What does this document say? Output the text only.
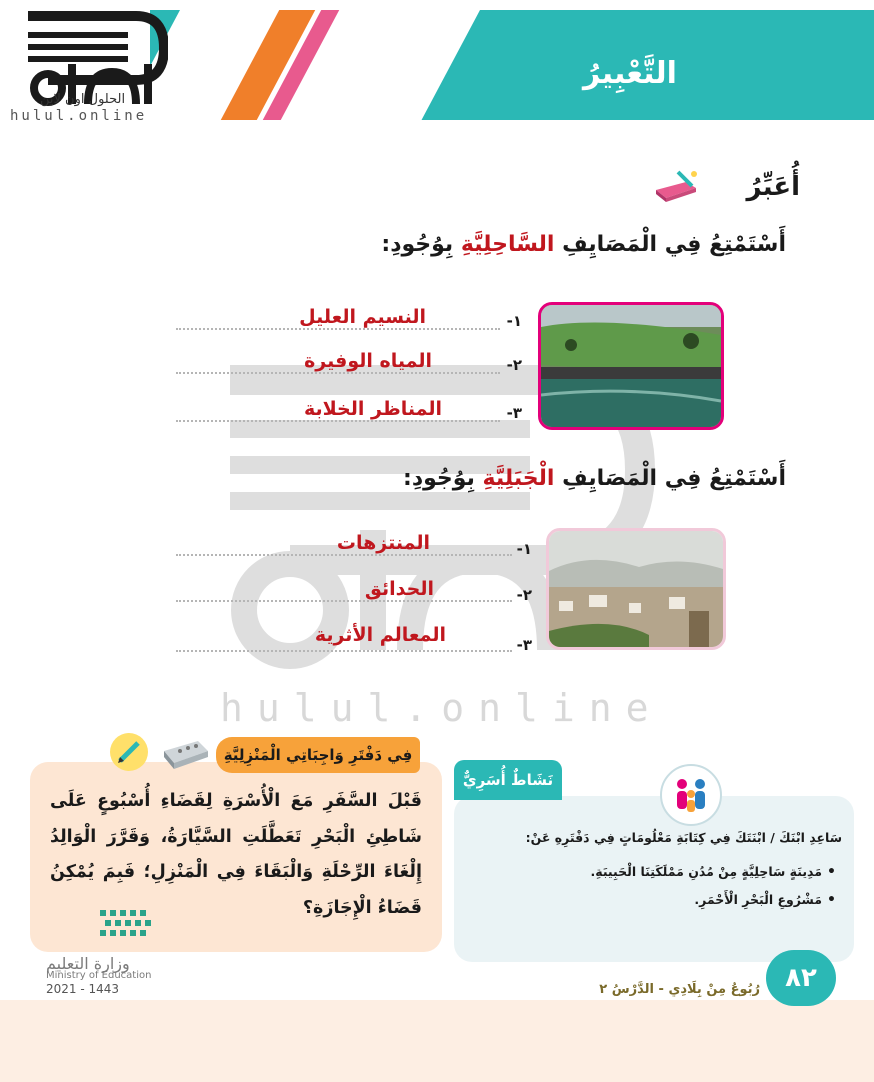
التَّعْبِيرُ
الحلول اون لاين
hulul.online
hulul.online
أُعَبِّرُ
أَسْتَمْتِعُ فِي الْمَصَايِفِ السَّاحِلِيَّةِ بِوُجُودِ:
١-
النسيم العليل
٢-
المياه الوفيرة
٣-
المناظر الخلابة
أَسْتَمْتِعُ فِي الْمَصَايِفِ الْجَبَلِيَّةِ بِوُجُودِ:
١-
المنتزهات
٢-
الحدائق
٣-
المعالم الأثرية
فِي دَفْتَرِ وَاجِبَاتِي الْمَنْزِلِيَّةِ
قَبْلَ السَّفَرِ مَعَ الْأُسْرَةِ لِقَضَاءِ أُسْبُوعٍ عَلَى شَاطِئِ الْبَحْرِ تَعَطَّلَتِ السَّيَّارَةُ، وَقَرَّرَ الْوَالِدُ إِلْغَاءَ الرِّحْلَةِ وَالْبَقَاءَ فِي الْمَنْزِلِ؛ فَبِمَ يُمْكِنُ قَضَاءُ الْإِجَازَةِ؟
نَشَاطٌ أُسَرِيٌّ
سَاعِدِ ابْنَكَ / ابْنَتَكَ فِي كِتَابَةِ مَعْلُومَاتٍ فِي دَفْتَرِهِ عَنْ:
•
مَدِينَةٍ سَاحِلِيَّةٍ مِنْ مُدُنِ مَمْلَكَتِنَا الْحَبِيبَةِ.
•
مَشْرُوعِ الْبَحْرِ الْأَحْمَرِ.
٨٢
رُبُوعُ مِنْ بِلَادِي - الدَّرْسُ ٢
وزارة التعليم
Ministry of Education
2021 - 1443
